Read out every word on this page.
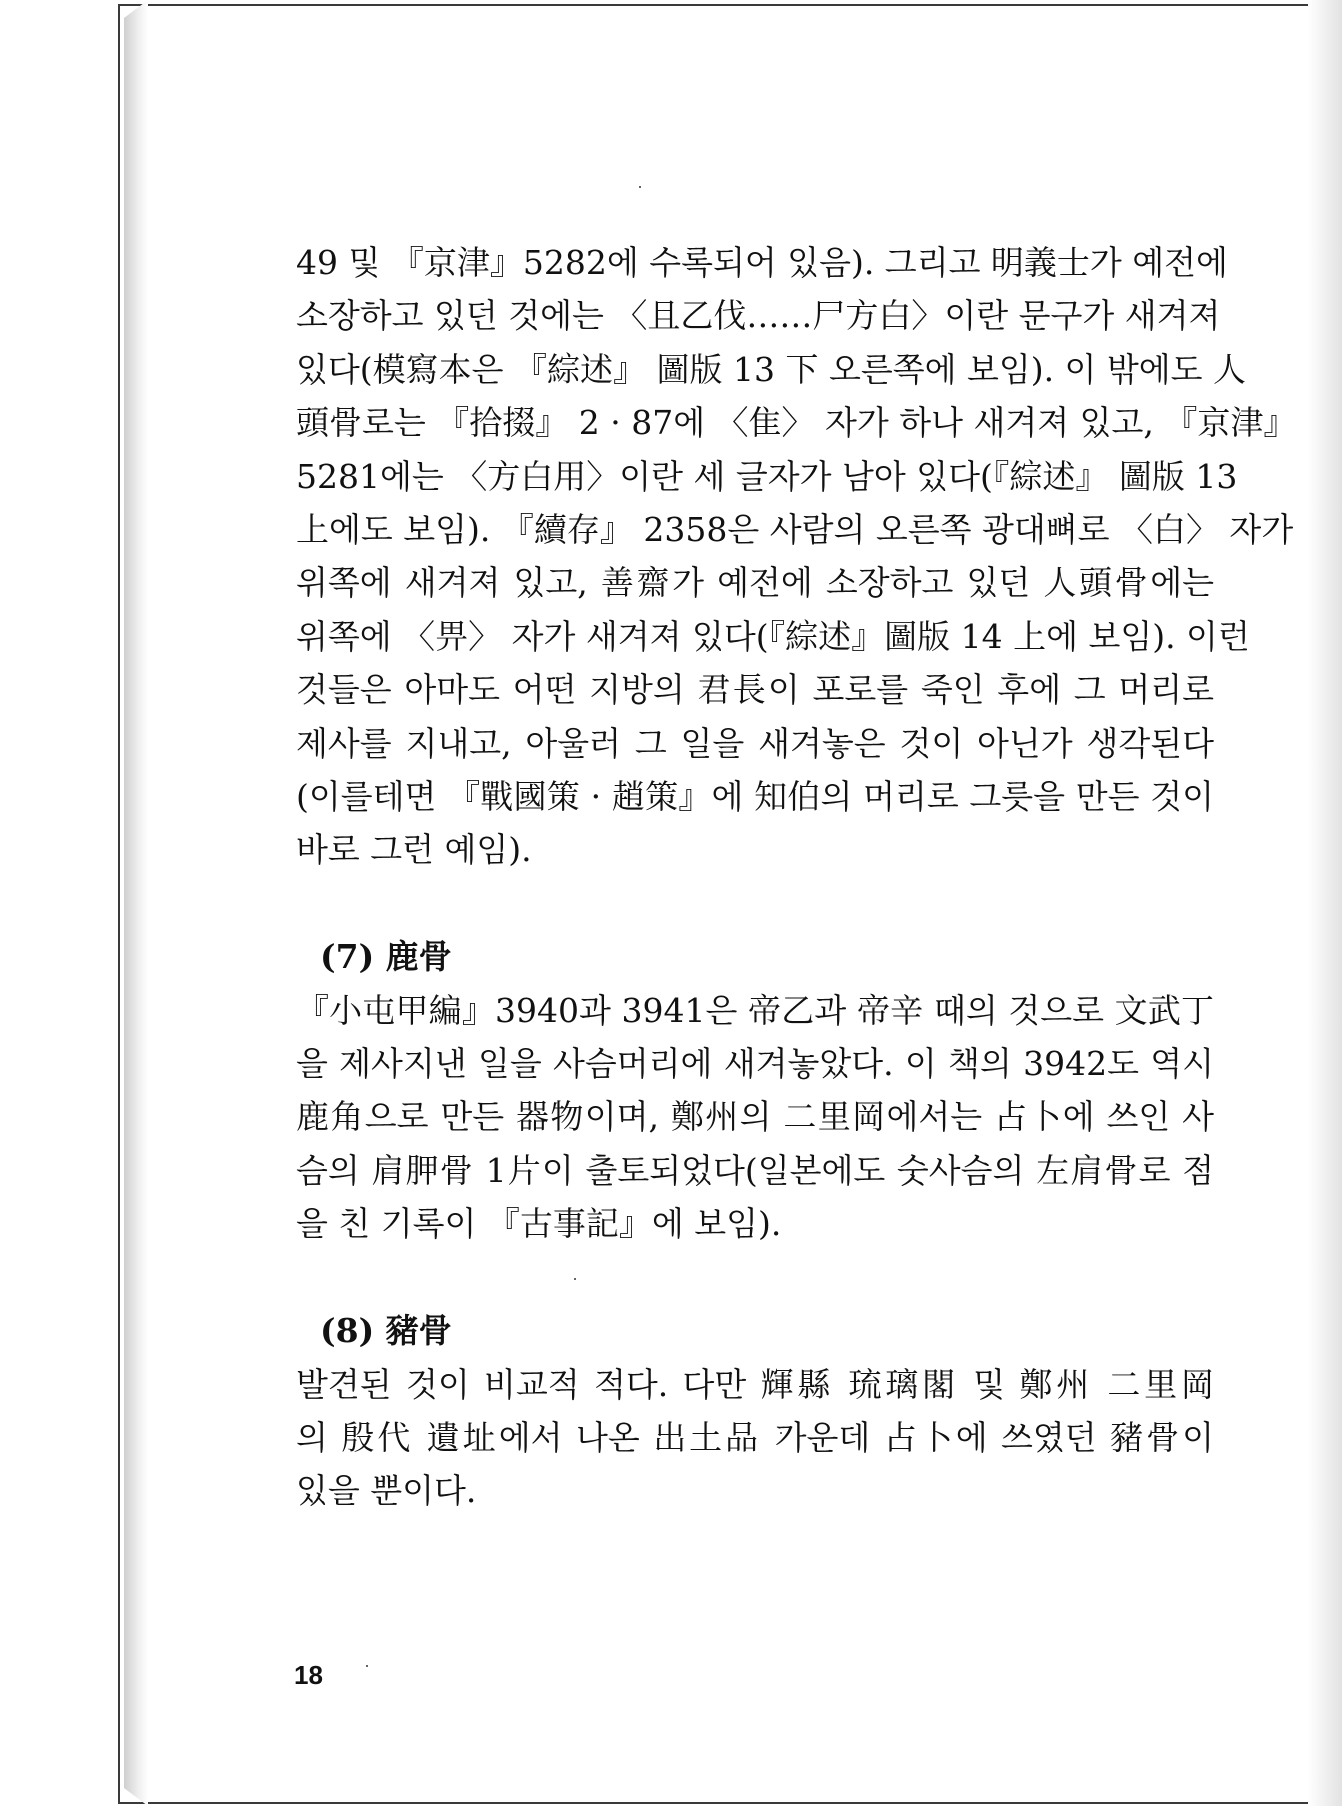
49 및 『京津』5282에 수록되어 있음). 그리고 明義士가 예전에
소장하고 있던 것에는 〈且乙伐……尸方白〉이란 문구가 새겨져
있다(模寫本은 『綜述』 圖版 13 下 오른쪽에 보임). 이 밖에도 人
頭骨로는 『拾掇』 2 · 87에 〈隹〉 자가 하나 새겨져 있고, 『京津』
5281에는 〈方白用〉이란 세 글자가 남아 있다(『綜述』 圖版 13
上에도 보임). 『續存』 2358은 사람의 오른쪽 광대뼈로 〈白〉 자가
위쪽에 새겨져 있고, 善齋가 예전에 소장하고 있던 人頭骨에는
위쪽에 〈畀〉 자가 새겨져 있다(『綜述』圖版 14 上에 보임). 이런
것들은 아마도 어떤 지방의 君長이 포로를 죽인 후에 그 머리로
제사를 지내고, 아울러 그 일을 새겨놓은 것이 아닌가 생각된다
(이를테면 『戰國策 · 趙策』에 知伯의 머리로 그릇을 만든 것이
바로 그런 예임).
(7) 鹿骨
『小屯甲編』3940과 3941은 帝乙과 帝辛 때의 것으로 文武丁
을 제사지낸 일을 사슴머리에 새겨놓았다. 이 책의 3942도 역시
鹿角으로 만든 器物이며, 鄭州의 二里岡에서는 占卜에 쓰인 사
슴의 肩胛骨 1片이 출토되었다(일본에도 숫사슴의 左肩骨로 점
을 친 기록이 『古事記』에 보임).
(8) 豬骨
발견된 것이 비교적 적다. 다만 輝縣 琉璃閣 및 鄭州 二里岡
의 殷代 遺址에서 나온 出土品 가운데 占卜에 쓰였던 豬骨이
있을 뿐이다.
18
